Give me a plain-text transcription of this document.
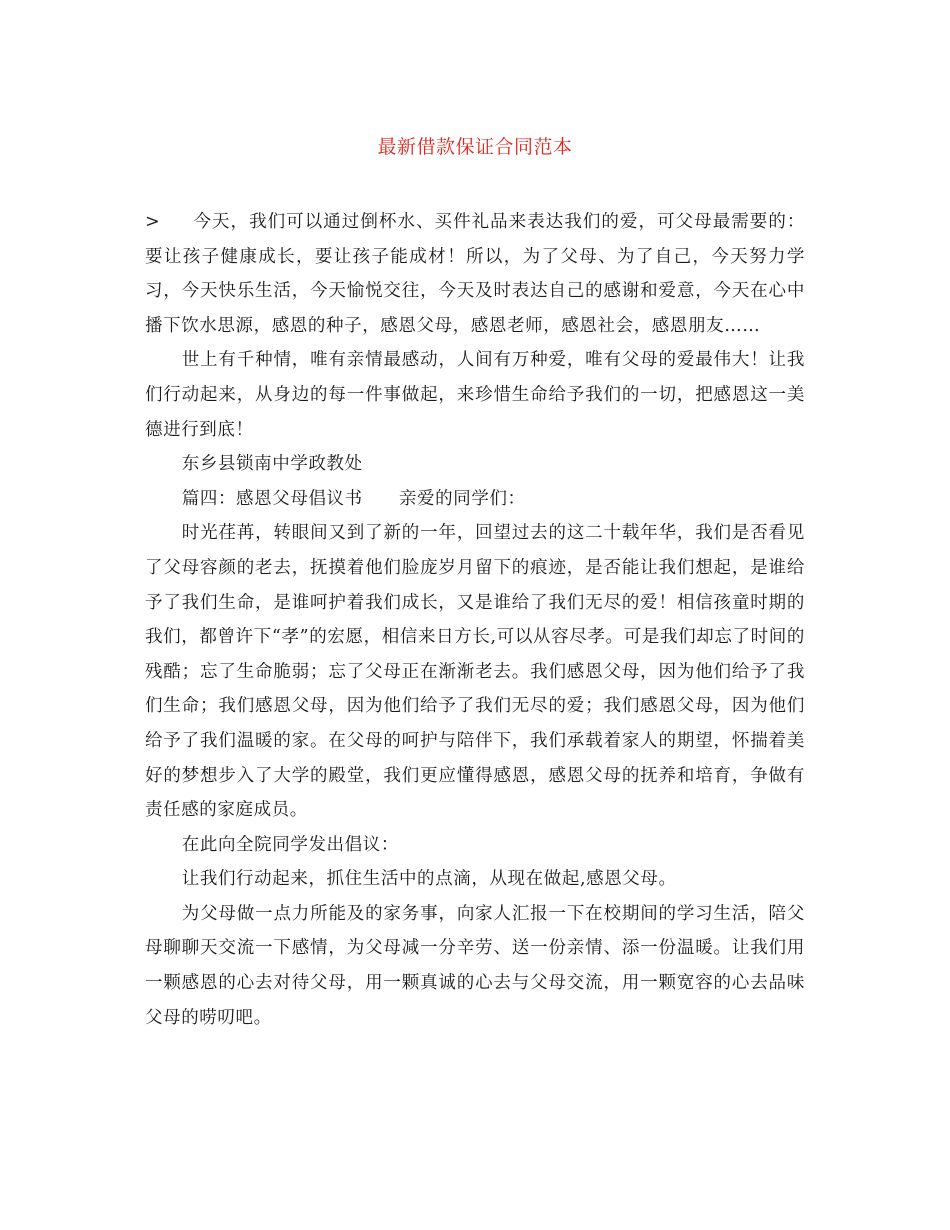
最新借款保证合同范本

> 今天，我们可以通过倒杯水、买件礼品来表达我们的爱，可父母最需要的：要让孩子健康成长，要让孩子能成材！所以，为了父母、为了自己，今天努力学习，今天快乐生活，今天愉悦交往，今天及时表达自己的感谢和爱意，今天在心中播下饮水思源，感恩的种子，感恩父母，感恩老师，感恩社会，感恩朋友……

世上有千种情，唯有亲情最感动，人间有万种爱，唯有父母的爱最伟大！让我们行动起来，从身边的每一件事做起，来珍惜生命给予我们的一切，把感恩这一美德进行到底！

东乡县锁南中学政教处

篇四：感恩父母倡议书　　亲爱的同学们：

时光荏苒，转眼间又到了新的一年，回望过去的这二十载年华，我们是否看见了父母容颜的老去，抚摸着他们脸庞岁月留下的痕迹，是否能让我们想起，是谁给予了我们生命，是谁呵护着我们成长，又是谁给了我们无尽的爱！相信孩童时期的我们，都曾许下“孝”的宏愿，相信来日方长,可以从容尽孝。可是我们却忘了时间的残酷；忘了生命脆弱；忘了父母正在渐渐老去。我们感恩父母，因为他们给予了我们生命；我们感恩父母，因为他们给予了我们无尽的爱；我们感恩父母，因为他们给予了我们温暖的家。在父母的呵护与陪伴下，我们承载着家人的期望，怀揣着美好的梦想步入了大学的殿堂，我们更应懂得感恩，感恩父母的抚养和培育，争做有责任感的家庭成员。

在此向全院同学发出倡议：

让我们行动起来，抓住生活中的点滴，从现在做起,感恩父母。

为父母做一点力所能及的家务事，向家人汇报一下在校期间的学习生活，陪父母聊聊天交流一下感情，为父母减一分辛劳、送一份亲情、添一份温暖。让我们用一颗感恩的心去对待父母，用一颗真诚的心去与父母交流，用一颗宽容的心去品味父母的唠叨吧。
